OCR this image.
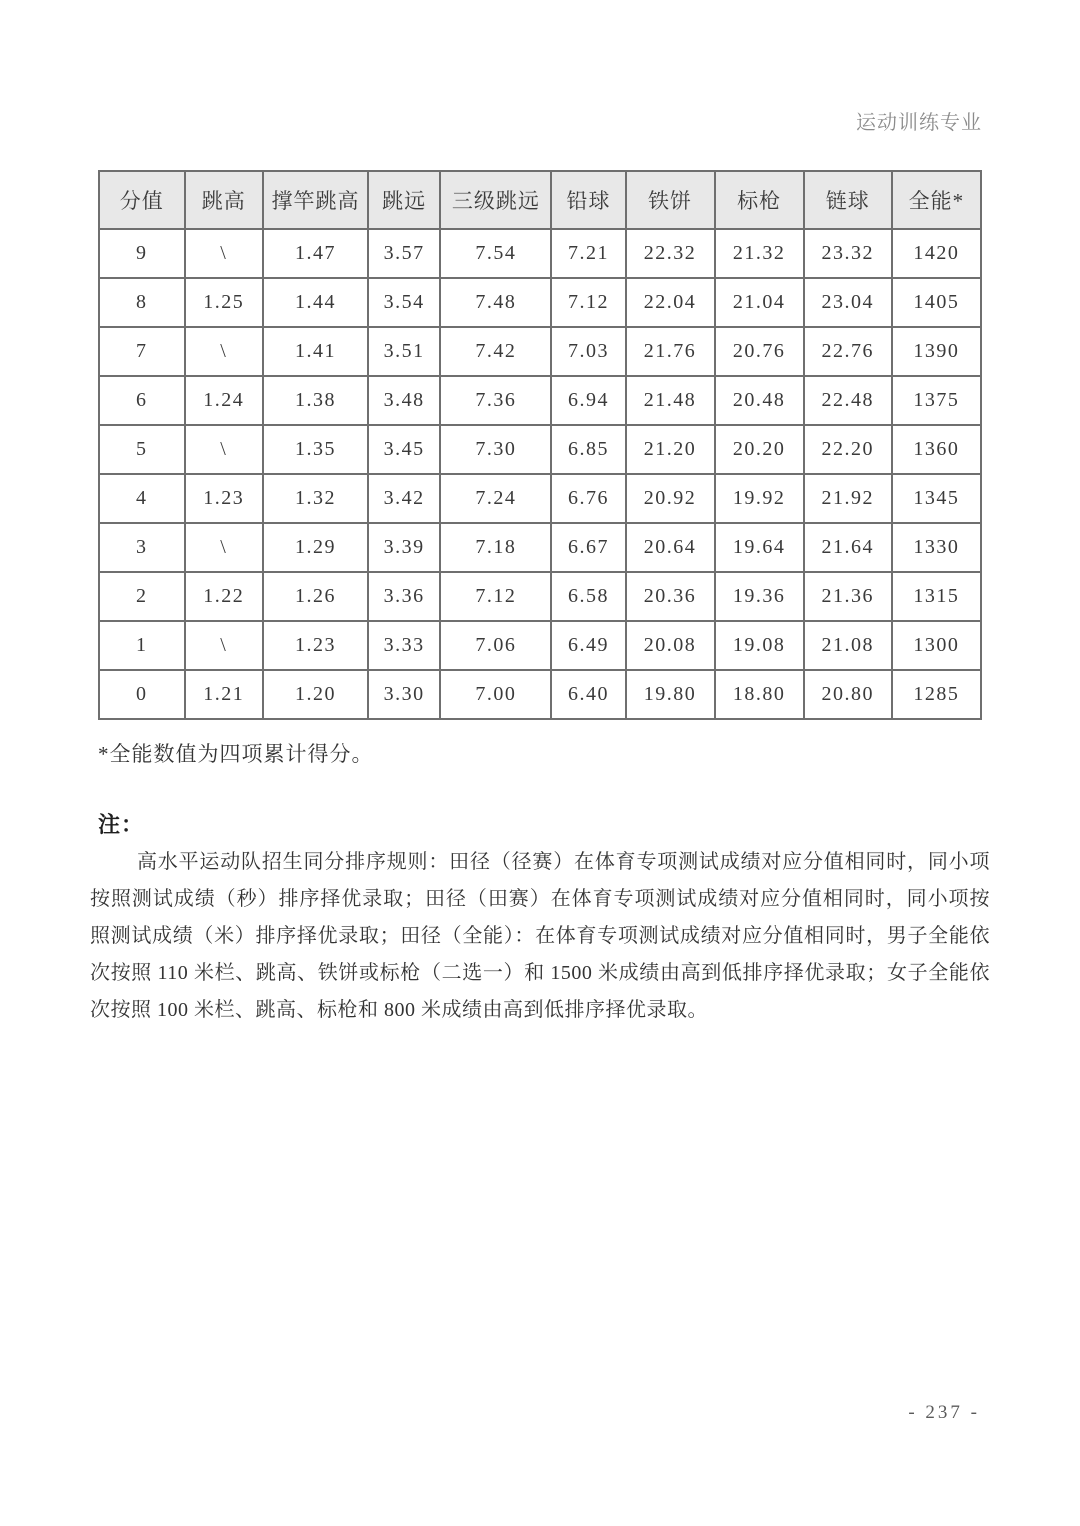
运动训练专业
分值	跳高	撑竿跳高	跳远	三级跳远	铅球	铁饼	标枪	链球	全能*
9	\	1.47	3.57	7.54	7.21	22.32	21.32	23.32	1420
8	1.25	1.44	3.54	7.48	7.12	22.04	21.04	23.04	1405
7	\	1.41	3.51	7.42	7.03	21.76	20.76	22.76	1390
6	1.24	1.38	3.48	7.36	6.94	21.48	20.48	22.48	1375
5	\	1.35	3.45	7.30	6.85	21.20	20.20	22.20	1360
4	1.23	1.32	3.42	7.24	6.76	20.92	19.92	21.92	1345
3	\	1.29	3.39	7.18	6.67	20.64	19.64	21.64	1330
2	1.22	1.26	3.36	7.12	6.58	20.36	19.36	21.36	1315
1	\	1.23	3.33	7.06	6.49	20.08	19.08	21.08	1300
0	1.21	1.20	3.30	7.00	6.40	19.80	18.80	20.80	1285
*全能数值为四项累计得分。
注：

高水平运动队招生同分排序规则：田径（径赛）在体育专项测试成绩对应分值相同时，同小项按照测试成绩（秒）排序择优录取；田径（田赛）在体育专项测试成绩对应分值相同时，同小项按照测试成绩（米）排序择优录取；田径（全能）：在体育专项测试成绩对应分值相同时，男子全能依次按照 110 米栏、跳高、铁饼或标枪（二选一）和 1500 米成绩由高到低排序择优录取；女子全能依次按照 100 米栏、跳高、标枪和 800 米成绩由高到低排序择优录取。

- 237 -
